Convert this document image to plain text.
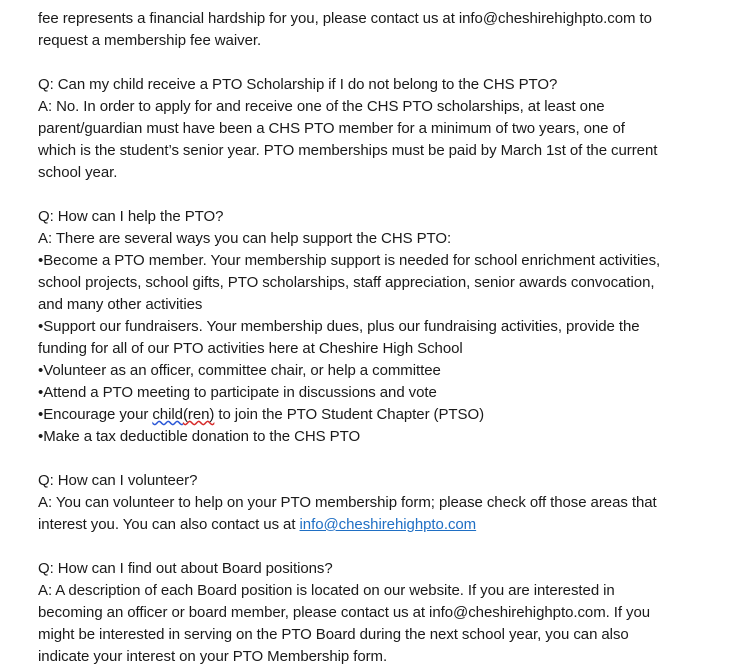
fee represents a financial hardship for you, please contact us at info@cheshirehighpto.com to request a membership fee waiver.

Q: Can my child receive a PTO Scholarship if I do not belong to the CHS PTO?

A: No. In order to apply for and receive one of the CHS PTO scholarships, at least one parent/guardian must have been a CHS PTO member for a minimum of two years, one of which is the student’s senior year. PTO memberships must be paid by March 1st of the current school year.

Q: How can I help the PTO?

A: There are several ways you can help support the CHS PTO:

•Become a PTO member. Your membership support is needed for school enrichment activities, school projects, school gifts, PTO scholarships, staff appreciation, senior awards convocation, and many other activities

•Support our fundraisers. Your membership dues, plus our fundraising activities, provide the funding for all of our PTO activities here at Cheshire High School

•Volunteer as an officer, committee chair, or help a committee

•Attend a PTO meeting to participate in discussions and vote

•Encourage your child(ren) to join the PTO Student Chapter (PTSO)

•Make a tax deductible donation to the CHS PTO

Q: How can I volunteer?

A: You can volunteer to help on your PTO membership form; please check off those areas that interest you. You can also contact us at info@cheshirehighpto.com

Q: How can I find out about Board positions?

A: A description of each Board position is located on our website. If you are interested in becoming an officer or board member, please contact us at info@cheshirehighpto.com. If you might be interested in serving on the PTO Board during the next school year, you can also indicate your interest on your PTO Membership form.
